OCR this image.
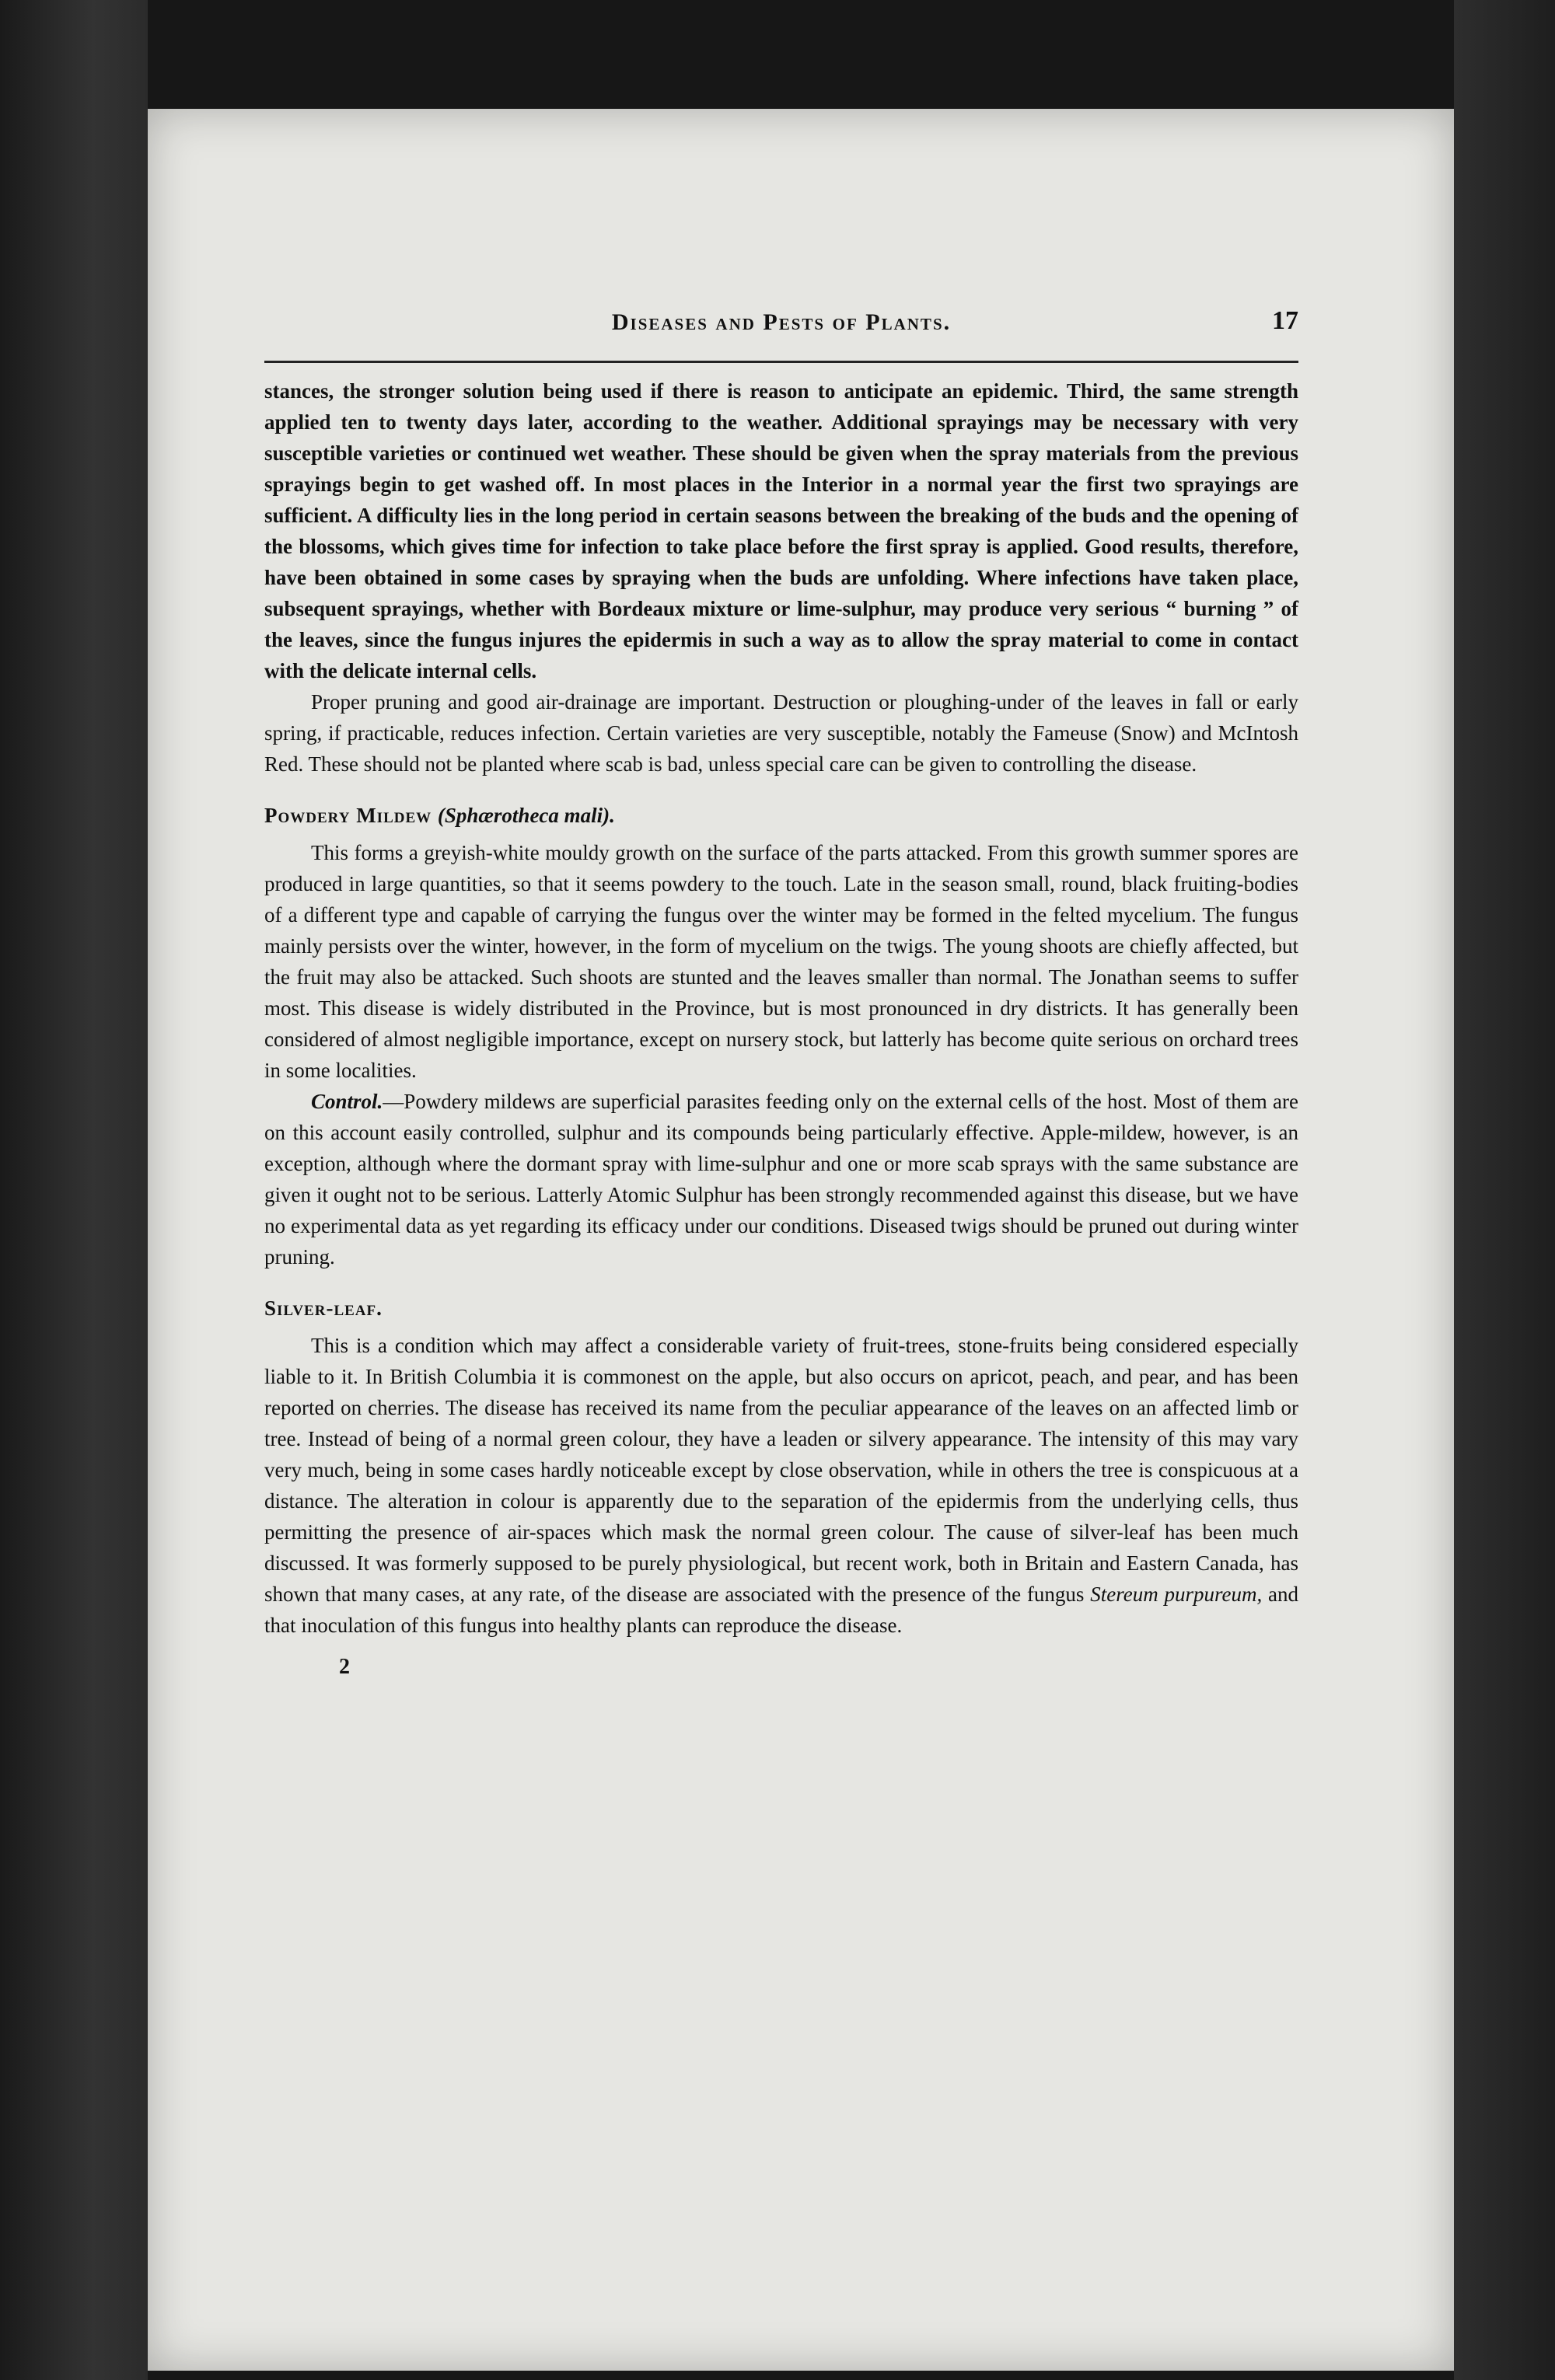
Diseases and Pests of Plants.	17

stances, the stronger solution being used if there is reason to anticipate an epidemic. Third, the same strength applied ten to twenty days later, according to the weather. Additional sprayings may be necessary with very susceptible varieties or continued wet weather. These should be given when the spray materials from the previous sprayings begin to get washed off. In most places in the Interior in a normal year the first two sprayings are sufficient. A difficulty lies in the long period in certain seasons between the breaking of the buds and the opening of the blossoms, which gives time for infection to take place before the first spray is applied. Good results, therefore, have been obtained in some cases by spraying when the buds are unfolding. Where infections have taken place, subsequent sprayings, whether with Bordeaux mixture or lime-sulphur, may produce very serious “ burning ” of the leaves, since the fungus injures the epidermis in such a way as to allow the spray material to come in contact with the delicate internal cells.

Proper pruning and good air-drainage are important. Destruction or ploughing-under of the leaves in fall or early spring, if practicable, reduces infection. Certain varieties are very susceptible, notably the Fameuse (Snow) and McIntosh Red. These should not be planted where scab is bad, unless special care can be given to controlling the disease.

Powdery Mildew (Sphærotheca mali).

This forms a greyish-white mouldy growth on the surface of the parts attacked. From this growth summer spores are produced in large quantities, so that it seems powdery to the touch. Late in the season small, round, black fruiting-bodies of a different type and capable of carrying the fungus over the winter may be formed in the felted mycelium. The fungus mainly persists over the winter, however, in the form of mycelium on the twigs. The young shoots are chiefly affected, but the fruit may also be attacked. Such shoots are stunted and the leaves smaller than normal. The Jonathan seems to suffer most. This disease is widely distributed in the Province, but is most pronounced in dry districts. It has generally been considered of almost negligible importance, except on nursery stock, but latterly has become quite serious on orchard trees in some localities.

Control.—Powdery mildews are superficial parasites feeding only on the external cells of the host. Most of them are on this account easily controlled, sulphur and its compounds being particularly effective. Apple-mildew, however, is an exception, although where the dormant spray with lime-sulphur and one or more scab sprays with the same substance are given it ought not to be serious. Latterly Atomic Sulphur has been strongly recommended against this disease, but we have no experimental data as yet regarding its efficacy under our conditions. Diseased twigs should be pruned out during winter pruning.

Silver-leaf.

This is a condition which may affect a considerable variety of fruit-trees, stone-fruits being considered especially liable to it. In British Columbia it is commonest on the apple, but also occurs on apricot, peach, and pear, and has been reported on cherries. The disease has received its name from the peculiar appearance of the leaves on an affected limb or tree. Instead of being of a normal green colour, they have a leaden or silvery appearance. The intensity of this may vary very much, being in some cases hardly noticeable except by close observation, while in others the tree is conspicuous at a distance. The alteration in colour is apparently due to the separation of the epidermis from the underlying cells, thus permitting the presence of air-spaces which mask the normal green colour. The cause of silver-leaf has been much discussed. It was formerly supposed to be purely physiological, but recent work, both in Britain and Eastern Canada, has shown that many cases, at any rate, of the disease are associated with the presence of the fungus Stereum purpureum, and that inoculation of this fungus into healthy plants can reproduce the disease.

2
